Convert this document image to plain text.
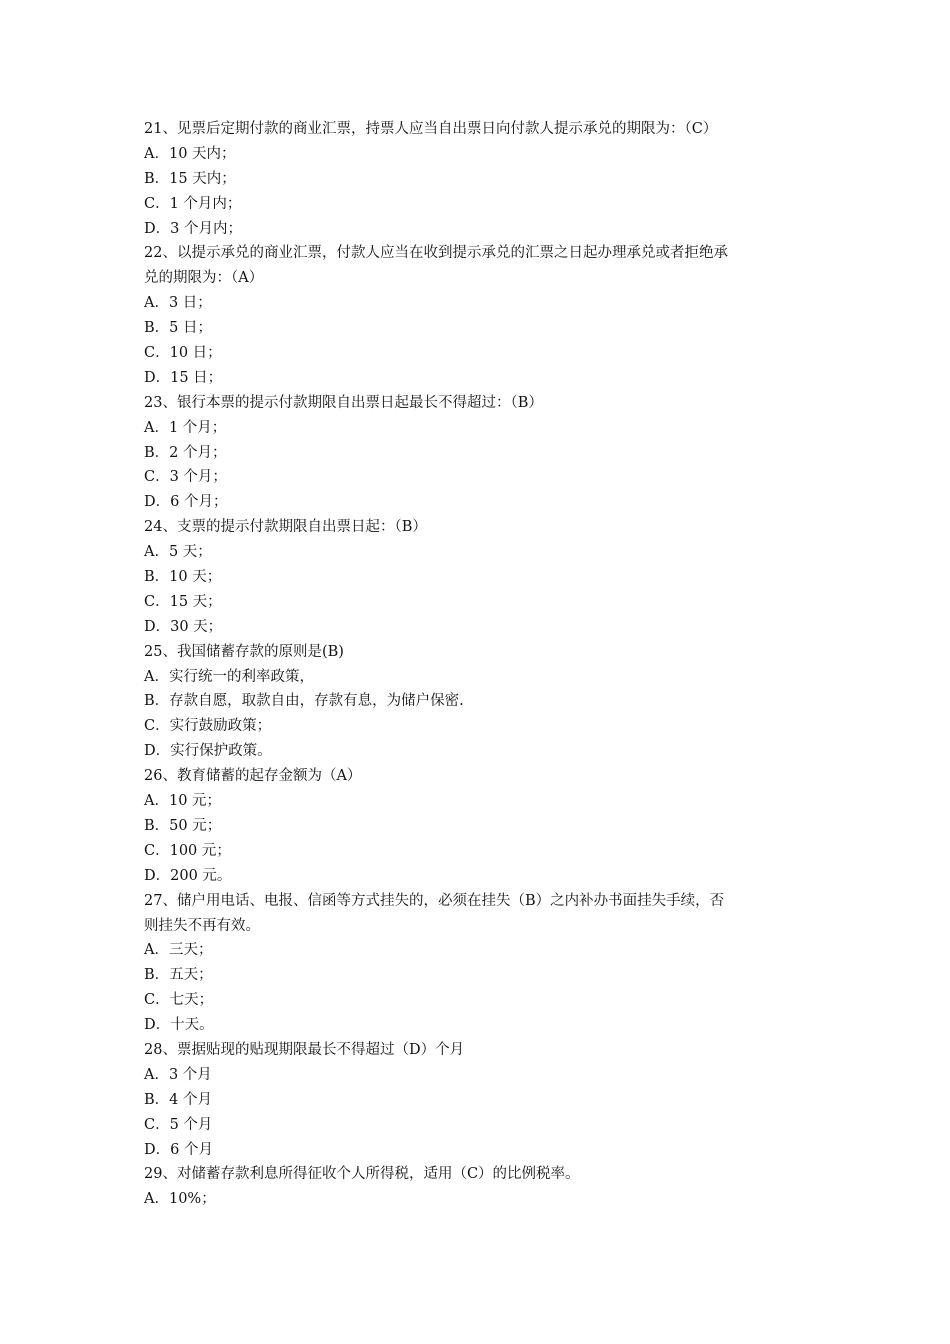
21、见票后定期付款的商业汇票，持票人应当自出票日向付款人提示承兑的期限为：（C）
A．10 天内；
B．15 天内；
C．1 个月内；
D．3 个月内；
22、以提示承兑的商业汇票，付款人应当在收到提示承兑的汇票之日起办理承兑或者拒绝承
兑的期限为：（A）
A．3 日；
B．5 日；
C．10 日；
D．15 日；
23、银行本票的提示付款期限自出票日起最长不得超过：（B）
A．1 个月；
B．2 个月；
C．3 个月；
D．6 个月；
24、支票的提示付款期限自出票日起：（B）
A．5 天；
B．10 天；
C．15 天；
D．30 天；
25、我国储蓄存款的原则是(B)
A．实行统一的利率政策，
B．存款自愿，取款自由，存款有息，为储户保密.
C．实行鼓励政策；
D．实行保护政策。
26、教育储蓄的起存金额为（A）
A．10 元；
B．50 元；
C．100 元；
D．200 元。
27、储户用电话、电报、信函等方式挂失的，必须在挂失（B）之内补办书面挂失手续，否
则挂失不再有效。
A．三天；
B．五天；
C．七天；
D．十天。
28、票据贴现的贴现期限最长不得超过（D）个月
A．3 个月
B．4 个月
C．5 个月
D．6 个月
29、对储蓄存款利息所得征收个人所得税，适用（C）的比例税率。
A．10%；
